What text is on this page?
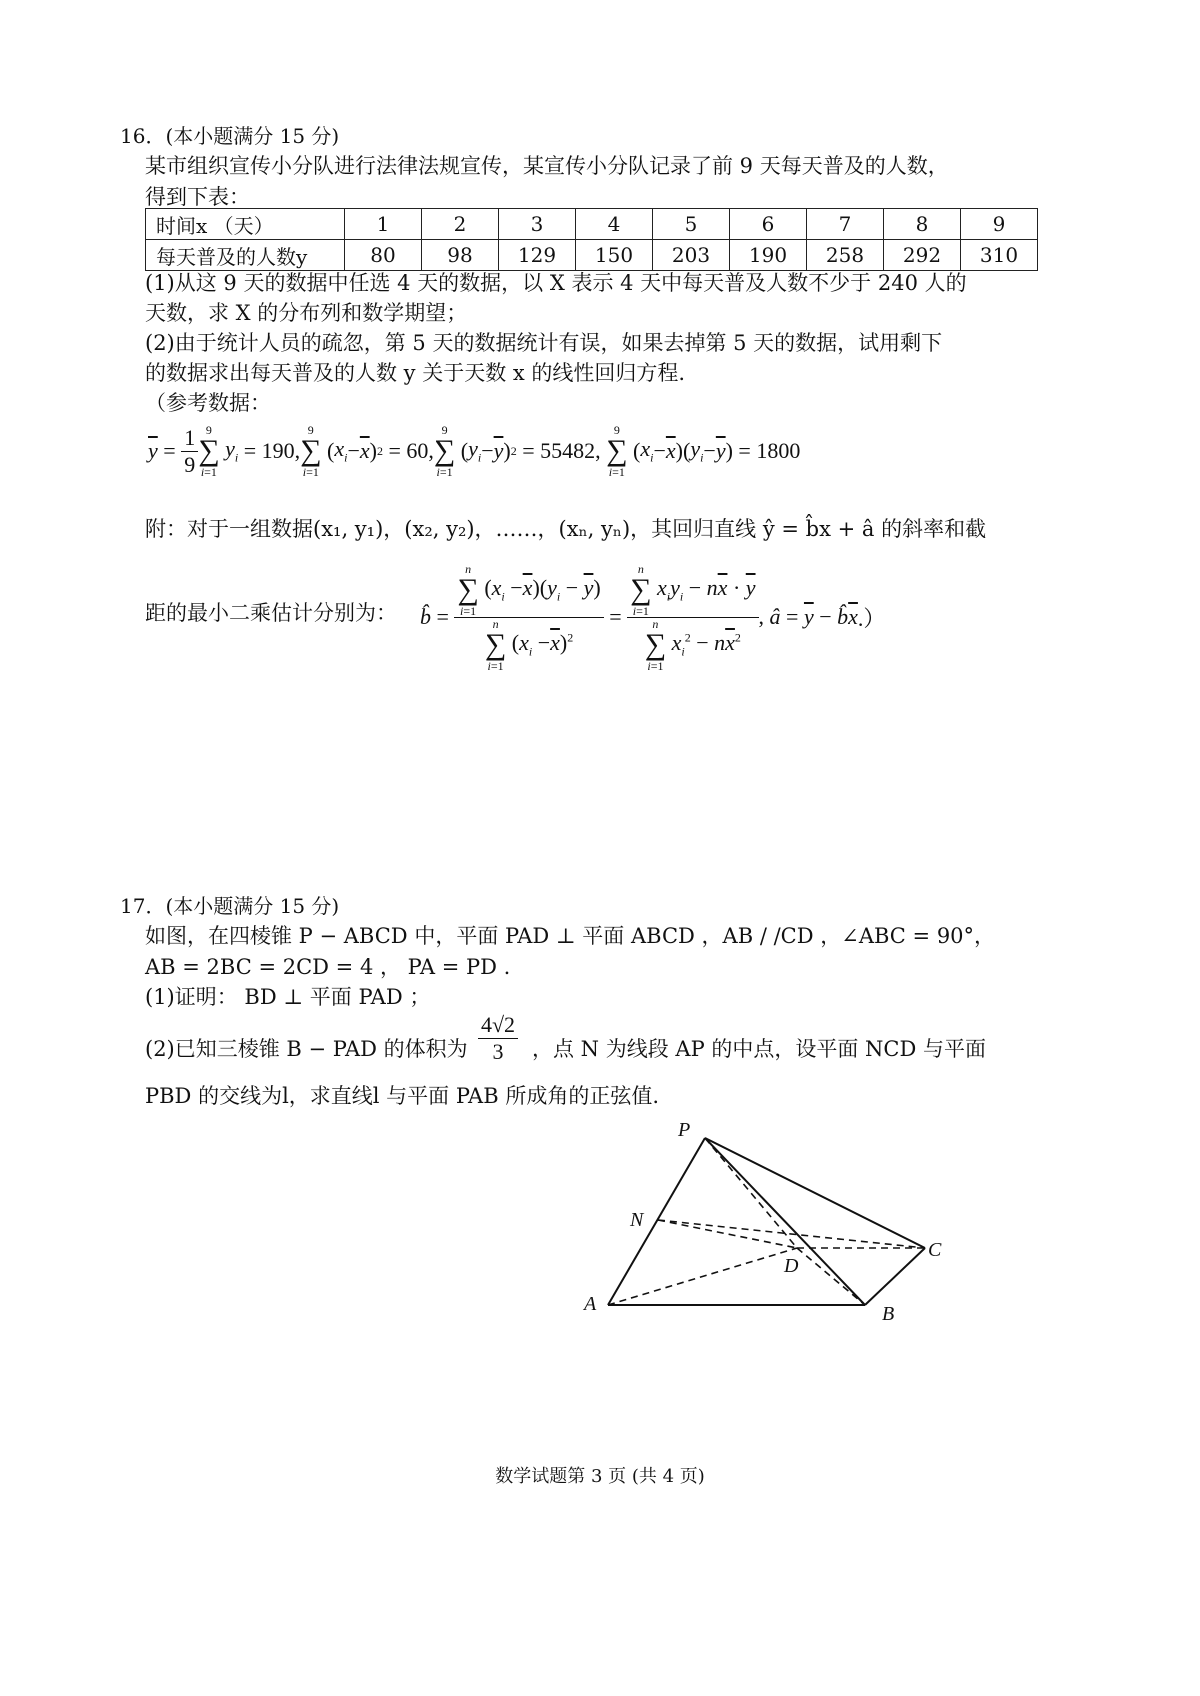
16．(本小题满分 15 分)
某市组织宣传小分队进行法律法规宣传，某宣传小分队记录了前 9 天每天普及的人数，
得到下表：
时间x （天）	1	2	3	4	5	6	7	8	9
每天普及的人数y	80	98	129	150	203	190	258	292	310
(1)从这 9 天的数据中任选 4 天的数据，以 X 表示 4 天中每天普及人数不少于 240 人的
天数，求 X 的分布列和数学期望；
(2)由于统计人员的疏忽，第 5 天的数据统计有误，如果去掉第 5 天的数据，试用剩下
的数据求出每天普及的人数 y 关于天数 x 的线性回归方程.
（参考数据：
$\overline{y} = \frac{1}{9} 9$
∑
i=1

$y_i = 190$ ,
9
∑
i=1
( $x_i - \overline{x}$ ) 2 = 60 ,
9
∑
i=1
( $y_i - \overline{y}$ ) 2 = 55482 ,
9
∑
i=1
( $x_i - \overline{x}$ )( $y_i - \overline{y}$ ) = 1800
附：对于一组数据(x₁, y₁)，(x₂, y₂)，……，(xₙ, yₙ)，其回归直线 ŷ = b̂x + â 的斜率和截
距的最小二乘估计分别为： b̂ = n
∑
i=1
$(x_i -\overline{x})(y_i - \overline{y})$
n
∑
i=1
$(x_i -\overline{x})^2 = n$
∑
i=1
$x_iy_i - n\overline{x} \cdot \overline{y}$
n
∑
i=1
$x_i^2 - n\overline{x}^2$ , â = $\overline{y}$ − b̂ $\overline{x}$ .）
17．(本小题满分 15 分)
如图，在四棱锥 P − ABCD 中，平面 PAD ⊥ 平面 ABCD ，AB / /CD ，∠ABC = 90°，
AB = 2BC = 2CD = 4 ， PA = PD .
(1)证明： BD ⊥ 平面 PAD ；
(2)已知三棱锥 B − PAD 的体积为 $\frac{4√2}{3}$ ，点 N 为线段 AP 的中点，设平面 NCD 与平面
PBD 的交线为l，求直线l 与平面 PAB 所成角的正弦值.
P
N
C
D
A	B
数学试题第 3 页 (共 4 页)
